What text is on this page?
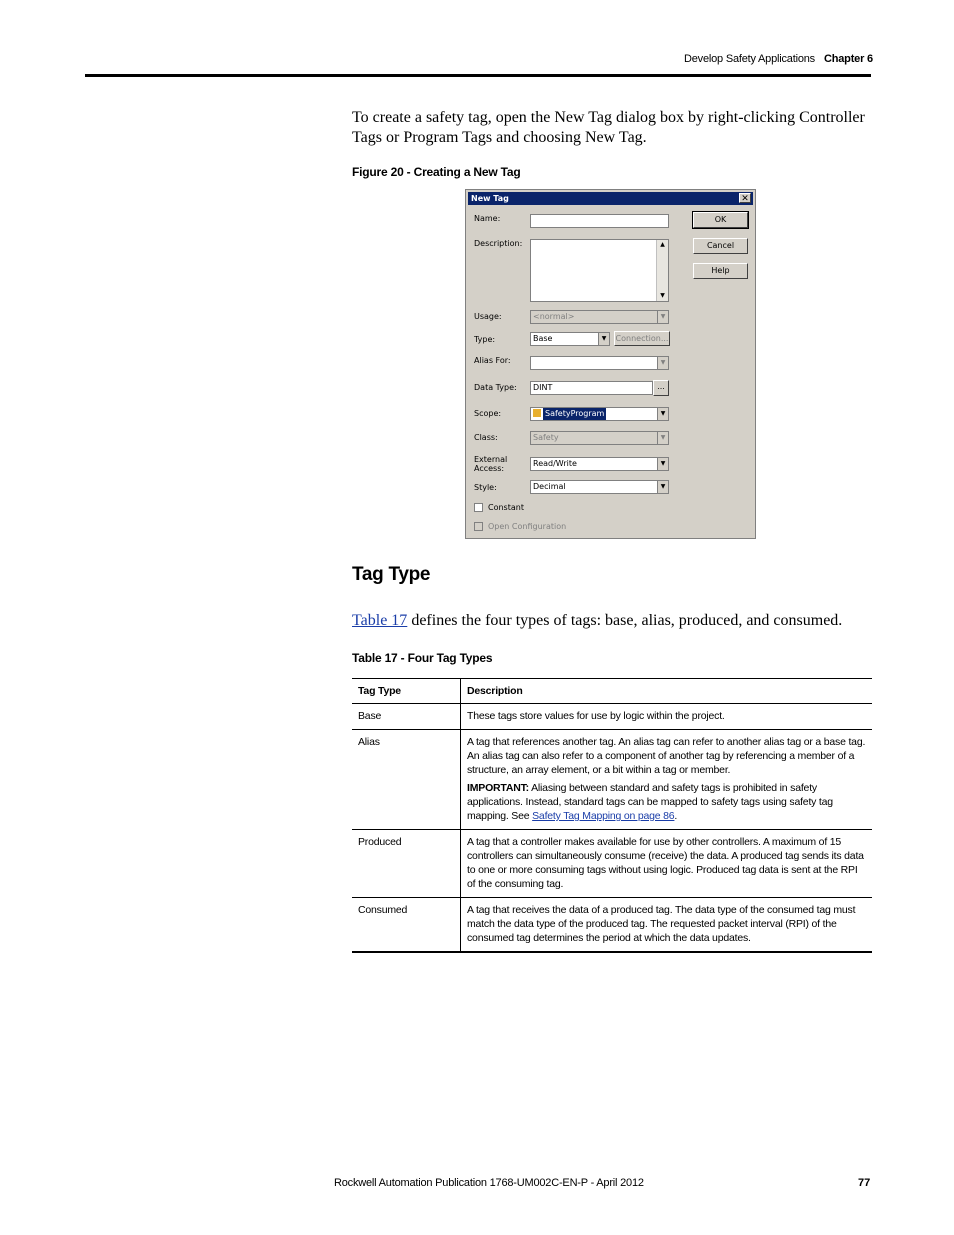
Develop Safety Applications Chapter 6

To create a safety tag, open the New Tag dialog box by right-clicking Controller Tags or Program Tags and choosing New Tag.

Figure 20 - Creating a New Tag
New Tag	✕
Name:
Description:	▲
▼
Usage:	<normal>	▼
Type:	Base	▼	Connection...
Alias For:	▼
Data Type:	DINT	...
Scope:	SafetyProgram	▼
Class:	Safety	▼
External
Access:
Read/Write	▼
Style:	Decimal	▼
Constant
Open Configuration
OK
Cancel
Help
Tag Type
Table 17 defines the four types of tags: base, alias, produced, and consumed.
Table 17 - Four Tag Types
Tag Type	Description
Base	These tags store values for use by logic within the project.
Alias	A tag that references another tag. An alias tag can refer to another alias tag or a base tag. An alias tag can also refer to a component of another tag by referencing a member of a structure, an array element, or a bit within a tag or member.

IMPORTANT: Aliasing between standard and safety tags is prohibited in safety applications. Instead, standard tags can be mapped to safety tags using safety tag mapping. See Safety Tag Mapping on page 86.

Produced	A tag that a controller makes available for use by other controllers. A maximum of 15 controllers can simultaneously consume (receive) the data. A produced tag sends its data to one or more consuming tags without using logic. Produced tag data is sent at the RPI of the consuming tag.
Consumed	A tag that receives the data of a produced tag. The data type of the consumed tag must match the data type of the produced tag. The requested packet interval (RPI) of the consumed tag determines the period at which the data updates.
Rockwell Automation Publication 1768-UM002C-EN-P - April 2012	77
